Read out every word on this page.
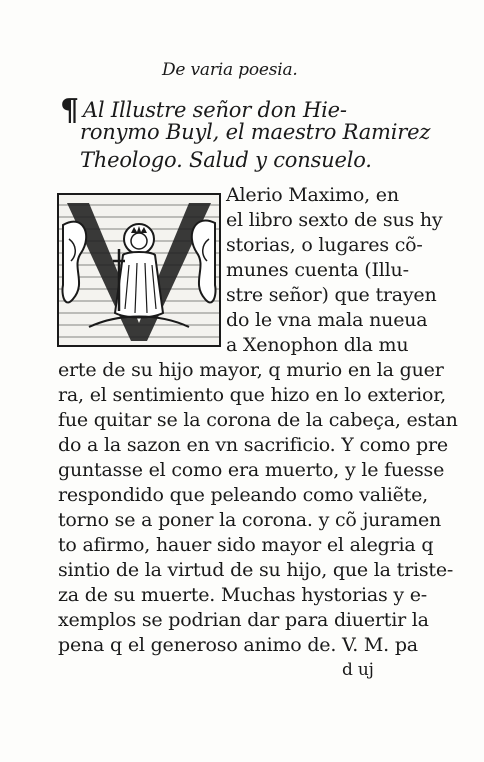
De varia poesia.
¶ Al Illustre señor don Hie-
ronymo Buyl, el maestro Ramirez
Theologo. Salud y consuelo.
Alerio Maximo, en
el libro sexto de sus hy
storias, o lugares cõ-
munes cuenta (Illu-
stre señor) que trayen
do le vna mala nueua
a Xenophon dla mu
erte de su hijo mayor, q murio en la guer
ra, el sentimiento que hizo en lo exterior,
fue quitar se la corona de la cabeça, estan
do a la sazon en vn sacrificio. Y como pre
guntasse el como era muerto, y le fuesse
respondido que peleando como valiẽte,
torno se a poner la corona. y cõ juramen
to afirmo, hauer sido mayor el alegria q
sintio de la virtud de su hijo, que la triste-
za de su muerte. Muchas hystorias y e-
xemplos se podrian dar para diuertir la
pena q el generoso animo de. V. M. pa
d uj
